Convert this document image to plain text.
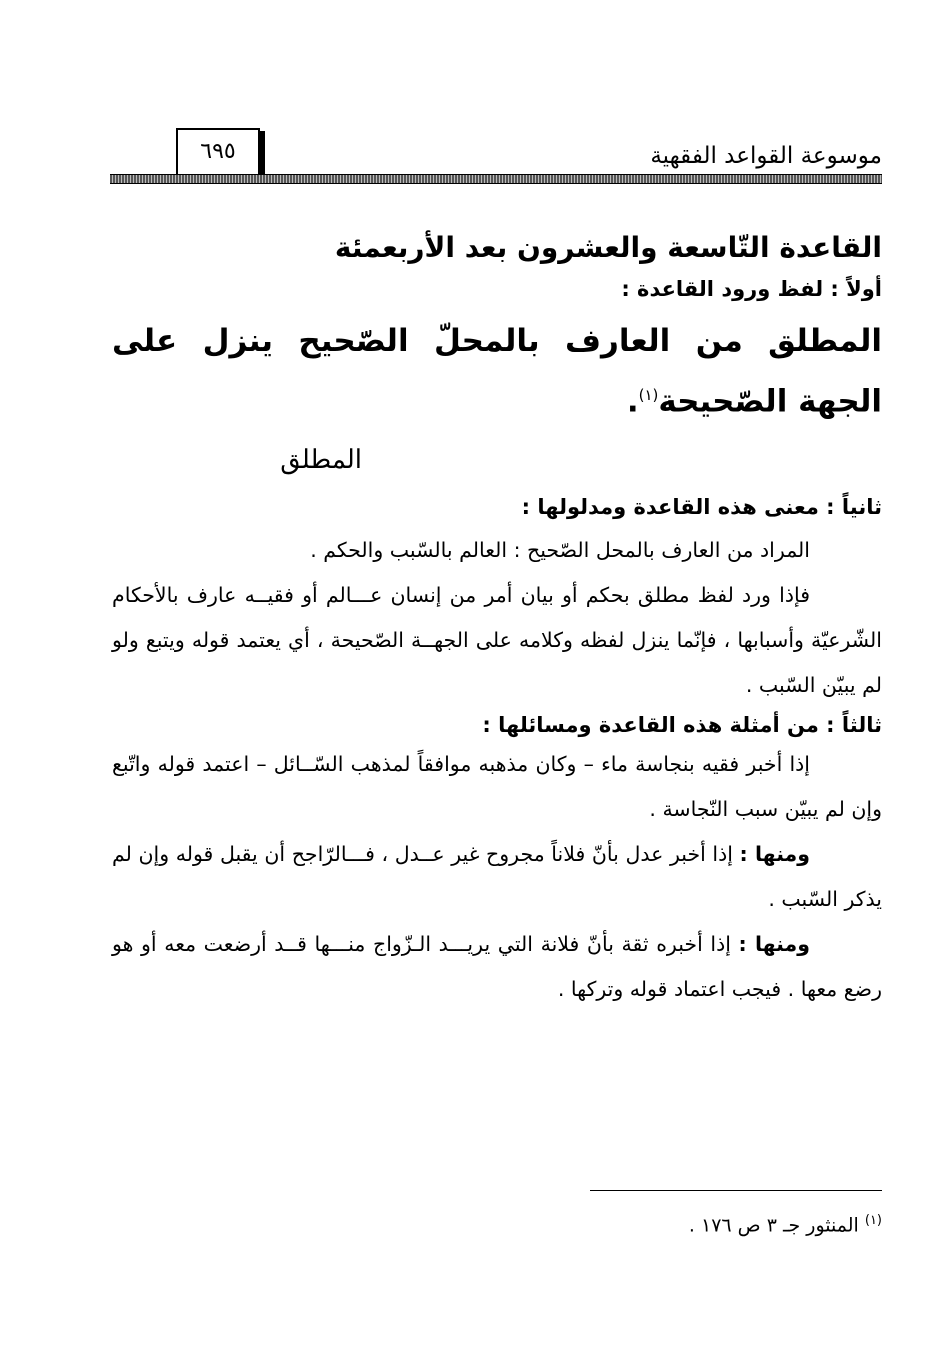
موسوعة القواعد الفقهية
٦٩٥
القاعدة التّاسعة والعشرون بعد الأربعمئة
أولاً : لفظ ورود القاعدة :

المطلق من العارف بالمحلّ الصّحيح ينزل على الجهة الصّحيحة$^{(١)}$.

المطلق

ثانياً : معنى هذه القاعدة ومدلولها :

المراد من العارف بالمحل الصّحيح : العالم بالسّبب والحكم .

فإذا ورد لفظ مطلق بحكم أو بيان أمر من إنسان عـــالم أو فقيــه عارف بالأحكام الشّرعيّة وأسبابها ، فإنّما ينزل لفظه وكلامه على الجهــة الصّحيحة ، أي يعتمد قوله ويتبع ولو لم يبيّن السّبب .

ثالثاً : من أمثلة هذه القاعدة ومسائلها :

إذا أخبر فقيه بنجاسة ماء – وكان مذهبه موافقاً لمذهب السّــائل – اعتمد قوله واتّبع وإن لم يبيّن سبب النّجاسة .

ومنها : إذا أخبر عدل بأنّ فلاناً مجروح غير عــدل ، فـــالرّاجح أن يقبل قوله وإن لم يذكر السّبب .

ومنها : إذا أخبره ثقة بأنّ فلانة التي يريـــد الـزّواج منـــها قــد أرضعت معه أو هو رضع معها . فيجب اعتماد قوله وتركها .

$^{(١)}$ المنثور جـ ٣ ص ١٧٦ .
